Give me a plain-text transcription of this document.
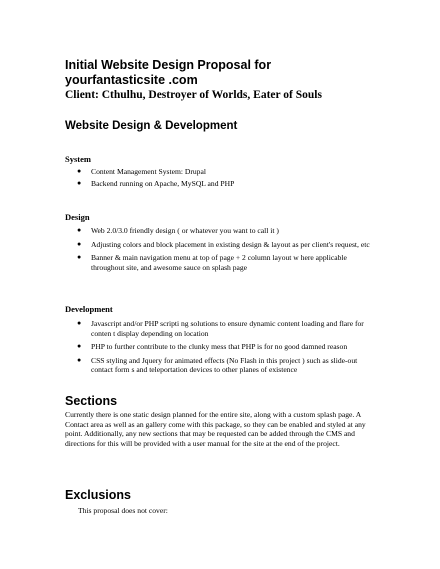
Initial Website Design Proposal for

yourfantasticsite .com

Client: Cthulhu, Destroyer of Worlds, Eater of Souls

Website Design & Development

System

● Content Management System: Drupal
● Backend running on Apache, MySQL and PHP

Design

● Web 2.0/3.0 friendly design ( or whatever you want to call it )
● Adjusting colors and block placement in existing design & layout as per client's request, etc
● Banner & main navigation menu at top of page + 2 column layout w here applicable throughout site, and awesome sauce on splash page

Development

● Javascript and/or PHP scripti ng solutions to ensure dynamic content loading and flare for conten t display depending on location
● PHP to further contribute to the clunky mess that PHP is for no good damned reason
● CSS styling and Jquery for animated effects (No Flash in this project ) such as slide-out contact form s and teleportation devices to other planes of existence

Sections

Currently there is one static design planned for the entire site, along with a custom splash page. A Contact area as well as an gallery come with this package, so they can be enabled and styled at any point. Additionally, any new sections that may be requested can be added through the CMS and directions for this will be provided with a user manual for the site at the end of the project.

Exclusions

This proposal does not cover:
